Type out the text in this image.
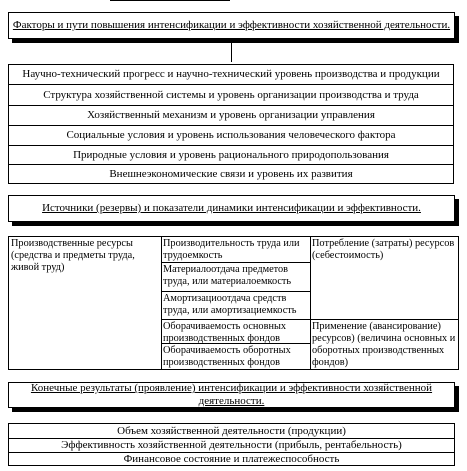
Факторы и пути повышения интенсификации и эффективности хозяйственной деятельности.
Научно-технический прогресс и научно-технический уровень производства и продукции
Структура хозяйственной системы и уровень организации производства и труда
Хозяйственный механизм и уровень организации управления
Социальные условия и уровень использования человеческого фактора
Природные условия и уровень рационального природопользования
Внешнеэкономические связи и уровень их развития
Источники (резервы) и показатели динамики интенсификации и эффективности.
Производственные ресурсы (средства и предметы труда, живой труд)
Производительность труда или трудоемкость
Материалоотдача предметов труда, или материалоемкость
Амортизациоотдача средств труда, или амортизациемкость
Оборачиваемость основных производственных фондов
Оборачиваемость оборотных производственных фондов
Потребление (затраты) ресурсов (себестоимость)
Применение (авансирование) ресурсов) (величина основных и оборотных производственных фондов)
Конечные результаты (проявление) интенсификации и эффективности хозяйственной деятельности.
Объем хозяйственной деятельности (продукции)
Эффективность хозяйственной деятельности (прибыль, рентабельность)
Финансовое состояние и платежеспособность
